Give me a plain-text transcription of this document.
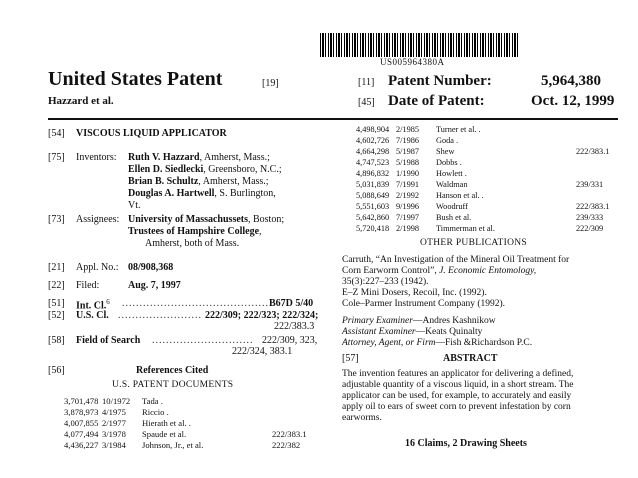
US005964380A
United States Patent	[19]
Hazzard et al.
[11] Patent Number:	5,964,380
[45] Date of Patent:	Oct. 12, 1999
[54] VISCOUS LIQUID APPLICATOR
[75] Inventors: Ruth V. Hazzard, Amherst, Mass.;
Ellen D. Siedlecki, Greensboro, N.C.;
Brian B. Schultz, Amherst, Mass.;
Douglas A. Hartwell, S. Burlington,
Vt.
[73] Assignees: University of Massachussets, Boston;
Trustees of Hampshire College,
Amherst, both of Mass.
[21] Appl. No.: 08/908,368
[22] Filed:	Aug. 7, 1997
[51] Int. Cl.$^6$ .......................................... B67D 5/40
[52] U.S. Cl. ........................ 222/309; 222/323; 222/324;
222/383.3
[58] Field of Search ............................. 222/309, 323,
222/324, 383.1
[56]	References Cited
U.S. PATENT DOCUMENTS
3,701,478 10/1972 Tada .
3,878,973 4/1975 Riccio .
4,007,855 2/1977 Hierath et al. .
4,077,494 3/1978 Spaude et al.	222/383.1
4,436,227 3/1984 Johnson, Jr., et al.	222/382
4,498,904 2/1985 Turner et al. .
4,602,726 7/1986 Goda .
4,664,298 5/1987 Shew	222/383.1
4,747,523 5/1988 Dobbs .
4,896,832 1/1990 Howlett .
5,031,839 7/1991 Waldman	239/331
5,088,649 2/1992 Hanson et al. .
5,551,603 9/1996 Woodruff	222/383.1
5,642,860 7/1997 Bush et al.	239/333
5,720,418 2/1998 Timmerman et al.	222/309
OTHER PUBLICATIONS
Carruth, “An Investigation of the Mineral Oil Treatment for
Corn Earworm Control”, J. Economic Entomology,
35(3):227–233 (1942).
E–Z Mini Dosers, Recoil, Inc. (1992).
Cole–Parmer Instrument Company (1992).
Primary Examiner—Andres Kashnikow
Assistant Examiner—Keats Quinalty
Attorney, Agent, or Firm—Fish &Richardson P.C.
[57]	ABSTRACT
The invention features an applicator for delivering a defined,
adjustable quantity of a viscous liquid, in a short stream. The
applicator can be used, for example, to accurately and easily
apply oil to ears of sweet corn to prevent infestation by corn
earworms.
16 Claims, 2 Drawing Sheets
